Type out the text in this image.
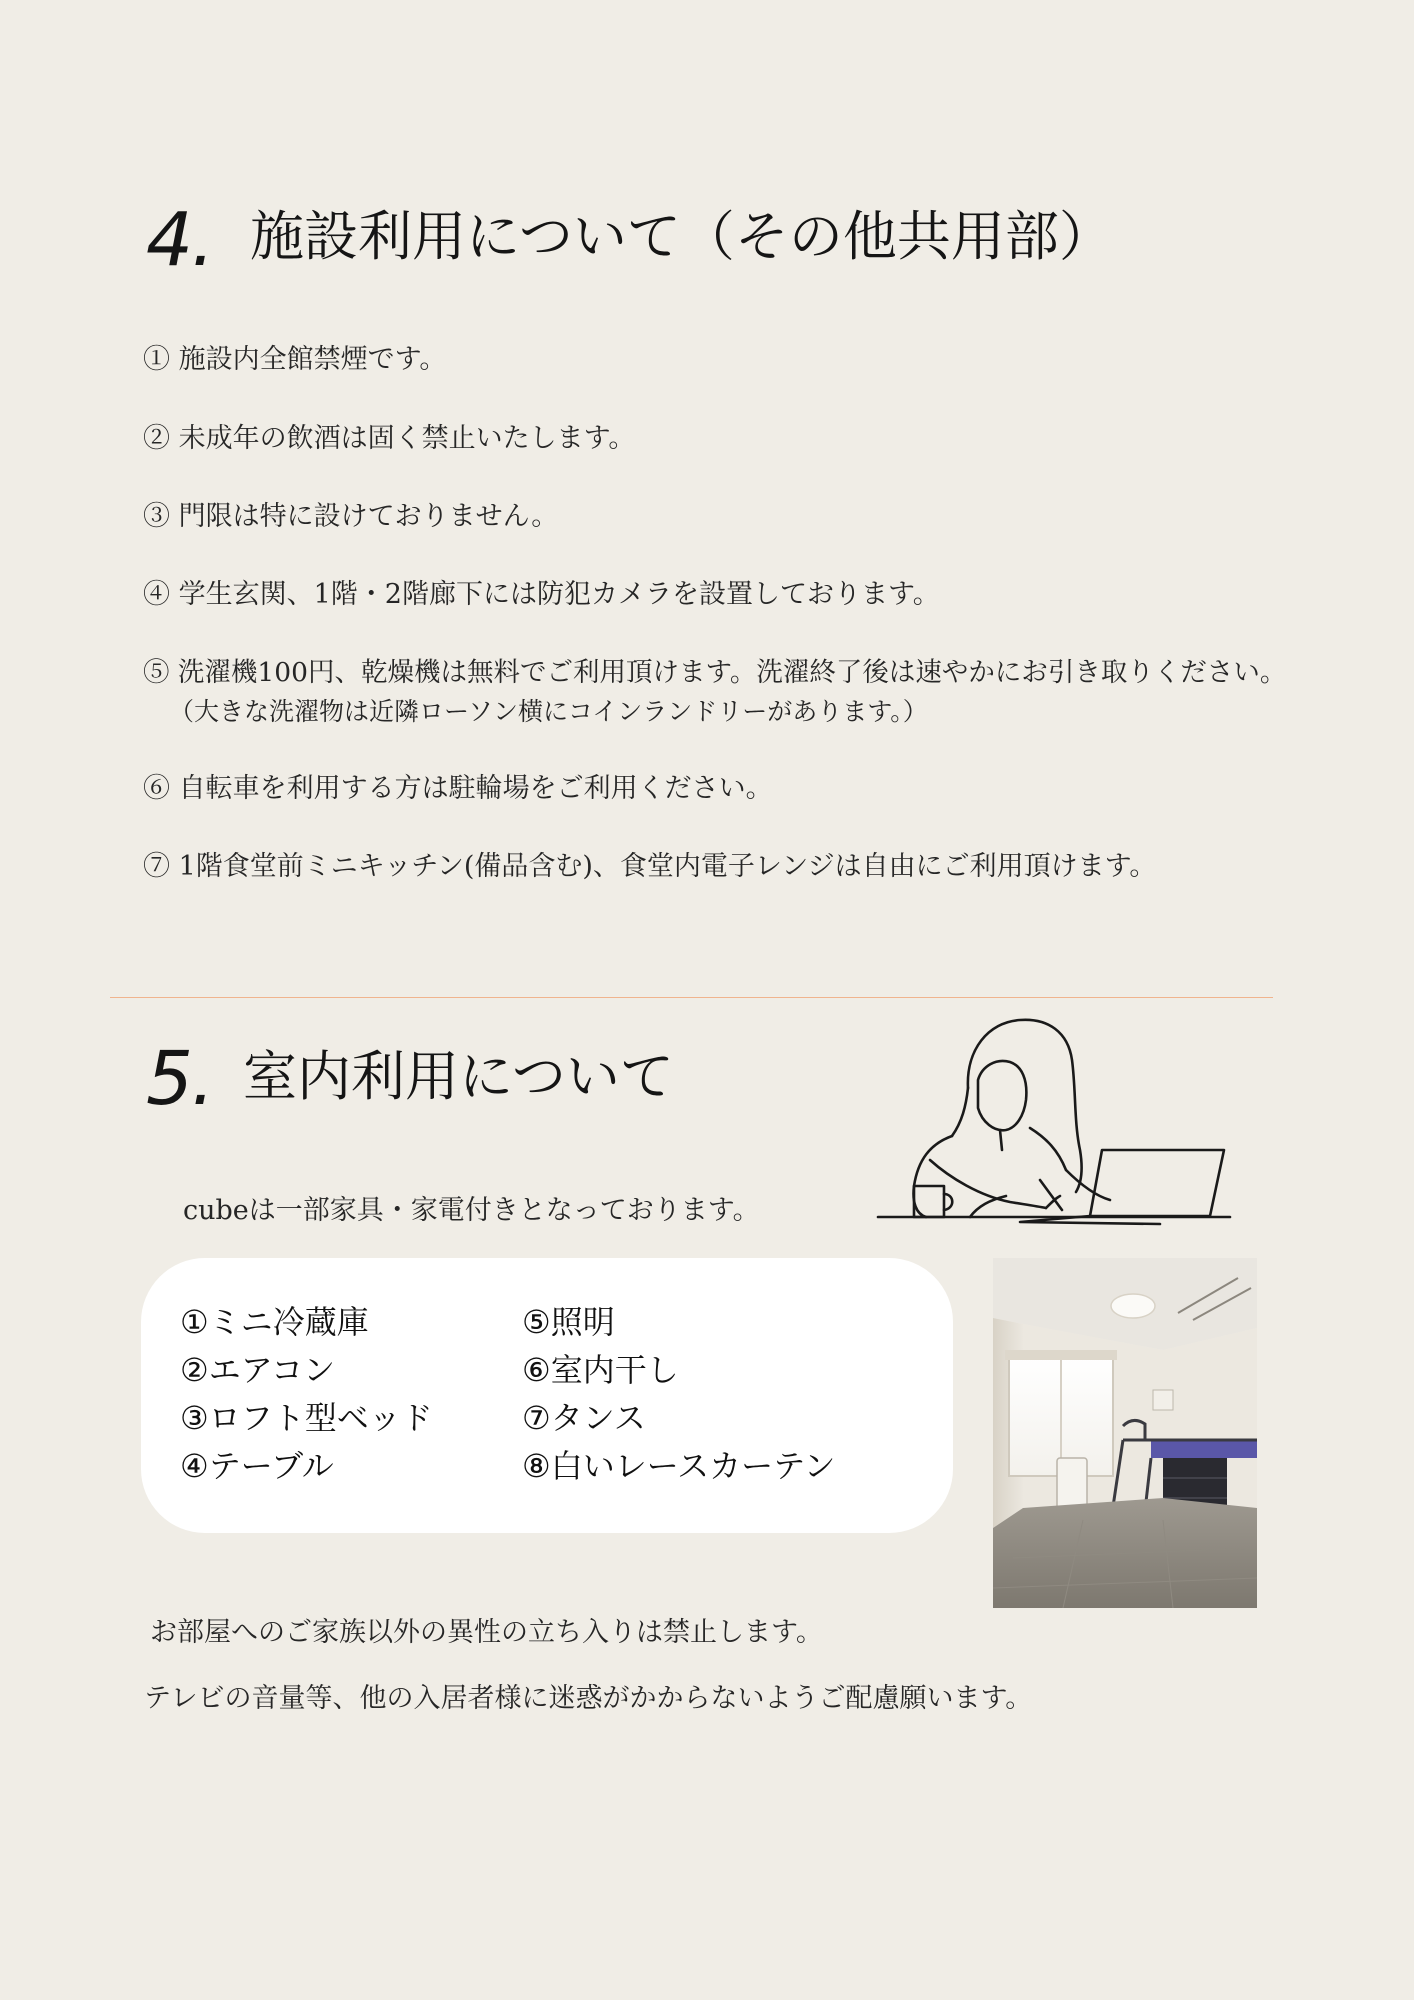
4. 施設利用について（その他共用部）
① 施設内全館禁煙です。
② 未成年の飲酒は固く禁止いたします。
③ 門限は特に設けておりません。
④ 学生玄関、1階・2階廊下には防犯カメラを設置しております。
⑤ 洗濯機100円、乾燥機は無料でご利用頂けます。洗濯終了後は速やかにお引き取りください。
（大きな洗濯物は近隣ローソン横にコインランドリーがあります。）
⑥ 自転車を利用する方は駐輪場をご利用ください。
⑦ 1階食堂前ミニキッチン(備品含む)、食堂内電子レンジは自由にご利用頂けます。
5. 室内利用について
cubeは一部家具・家電付きとなっております。
①ミニ冷蔵庫
②エアコン
③ロフト型ベッド
④テーブル
⑤照明
⑥室内干し
⑦タンス
⑧白いレースカーテン
お部屋へのご家族以外の異性の立ち入りは禁止します。
テレビの音量等、他の入居者様に迷惑がかからないようご配慮願います。
